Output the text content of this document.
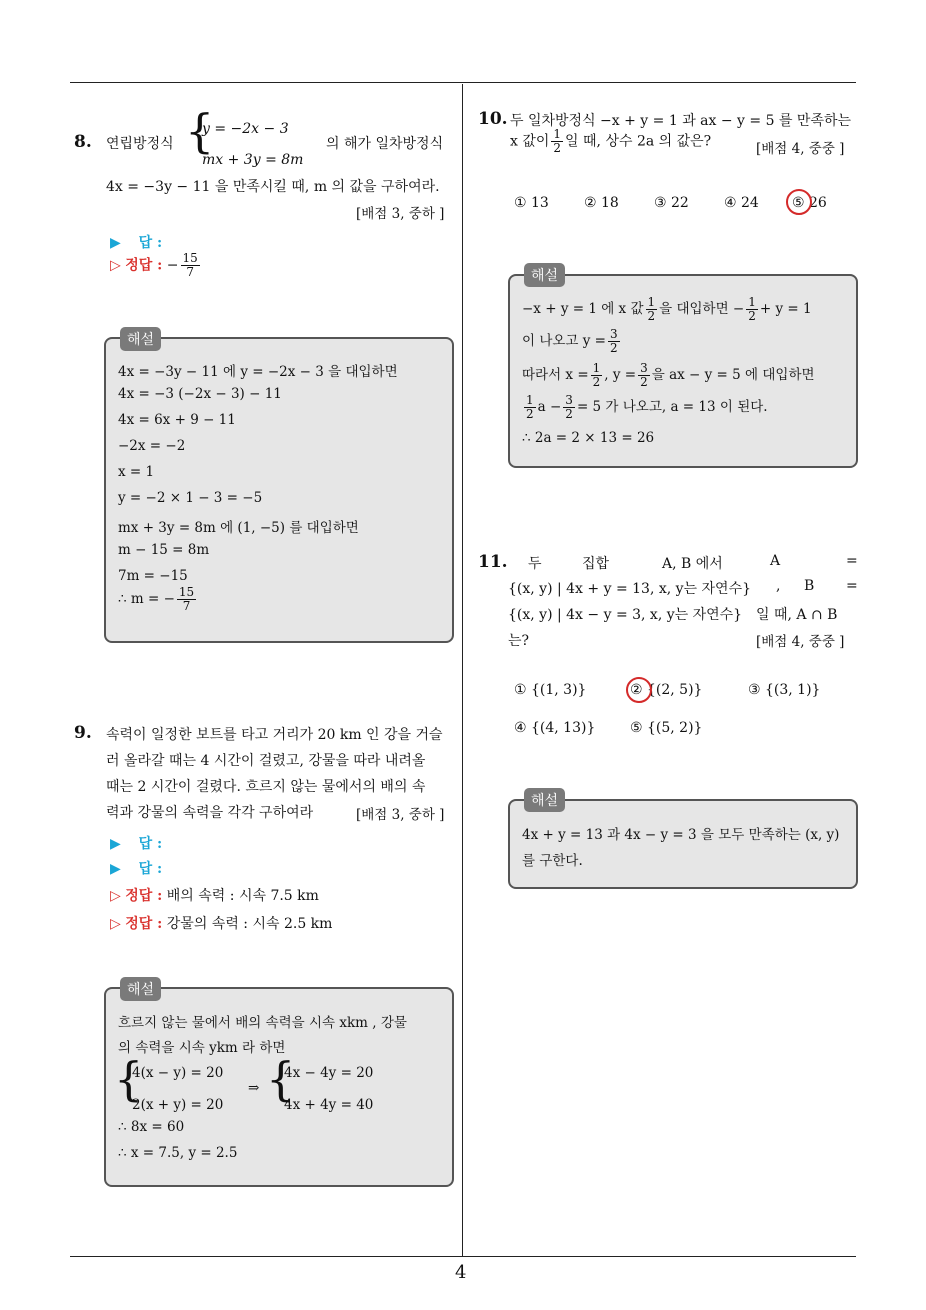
4
8. 연립방정식 {
y = −2x − 3
mx + 3y = 8m
의 해가 일차방정식
4x = −3y − 11 을 만족시킬 때, m 의 값을 구하여라.
[배점 3, 중하 ]
▶ 답 :
▷ 정답 : − $\frac{15}{7}$
해설
4x = −3y − 11 에 y = −2x − 3 을 대입하면
4x = −3 (−2x − 3) − 11
4x = 6x + 9 − 11
−2x = −2
x = 1
y = −2 × 1 − 3 = −5
mx + 3y = 8m 에 (1, −5) 를 대입하면
m − 15 = 8m
7m = −15
∴ m = − $\frac{15}{7}$
9. 속력이 일정한 보트를 타고 거리가 20 km 인 강을 거슬
러 올라갈 때는 4 시간이 걸렸고, 강물을 따라 내려올
때는 2 시간이 걸렸다. 흐르지 않는 물에서의 배의 속
력과 강물의 속력을 각각 구하여라	[배점 3, 중하 ]
▶ 답 :
▶ 답 :
▷ 정답 : 배의 속력 : 시속 7.5 km
▷ 정답 : 강물의 속력 : 시속 2.5 km
해설
흐르지 않는 물에서 배의 속력을 시속 xkm , 강물
의 속력을 시속 ykm 라 하면
{
4(x − y) = 20
2(x + y) = 20
⇒ {
4x − 4y = 20
4x + 4y = 40
∴ 8x = 60
∴ x = 7.5, y = 2.5
10. 두 일차방정식 −x + y = 1 과 ax − y = 5 를 만족하는
x 값이 $\frac{1}{2}$ 일 때, 상수 2a 의 값은?	[배점 4, 중중 ]
① 13	② 18	③ 22	④ 24 ⑤ 26
해설
−x + y = 1 에 x 값 $\frac{1}{2}$ 을 대입하면 − $\frac{1}{2} + y = 1$
이 나오고 $y = \frac{3}{2}$
따라서 $x = \frac{1}{2}$ , $y = \frac{3}{2}$ 을 ax − y = 5 에 대입하면
$\frac{1}{2}$ $a - \frac{3}{2} = 5$ 가 나오고, a = 13 이 된다.
∴ 2a = 2 × 13 = 26
11. 두	집합	A, B 에서	A	=
{(x, y) | 4x + y = 13, x, y는 자연수} , B =
{(x, y) | 4x − y = 3, x, y는 자연수} 일 때, A ∩ B
는?	[배점 4, 중중 ]
① {(1, 3)}	② {(2, 5)}	③ {(3, 1)}
④ {(4, 13)} ⑤ {(5, 2)}
해설
4x + y = 13 과 4x − y = 3 을 모두 만족하는 (x, y)
를 구한다.
